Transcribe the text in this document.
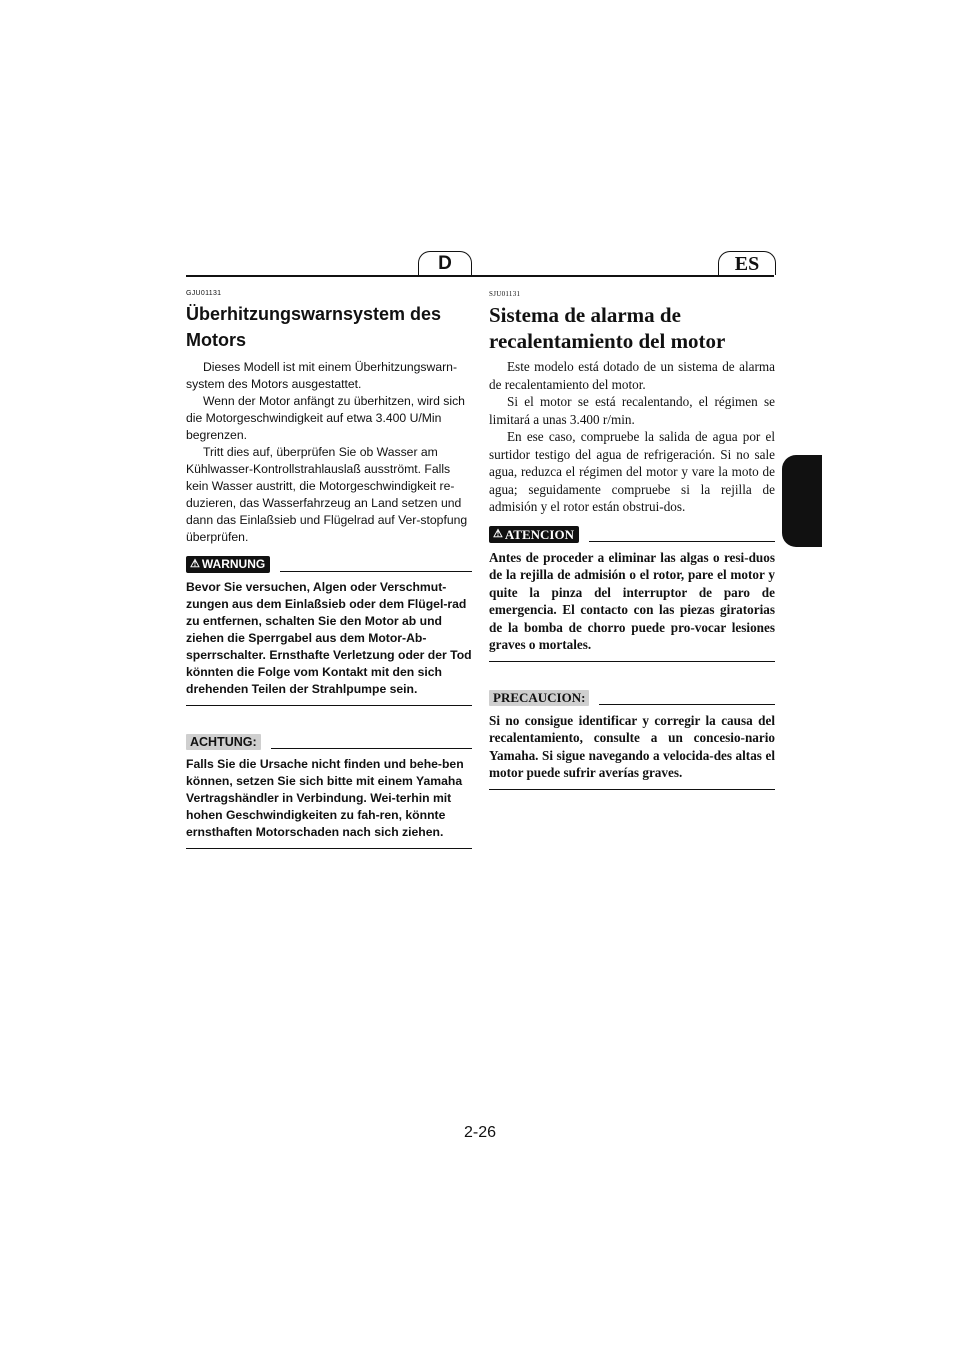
D	ES
GJU01131
Überhitzungswarnsystem des
Motors

Dieses Modell ist mit einem Überhitzungswarn-system des Motors ausgestattet.

Wenn der Motor anfängt zu überhitzen, wird sich die Motorgeschwindigkeit auf etwa 3.400 U/Min begrenzen.

Tritt dies auf, überprüfen Sie ob Wasser am Kühlwasser-Kontrollstrahlauslaß ausströmt. Falls kein Wasser austritt, die Motorgeschwindigkeit re-duzieren, das Wasserfahrzeug an Land setzen und dann das Einlaßsieb und Flügelrad auf Ver-stopfung überprüfen.

⚠ WARNUNG

Bevor Sie versuchen, Algen oder Verschmut-zungen aus dem Einlaßsieb oder dem Flügel-rad zu entfernen, schalten Sie den Motor ab und ziehen die Sperrgabel aus dem Motor-Ab-sperrschalter. Ernsthafte Verletzung oder der Tod könnten die Folge vom Kontakt mit den sich drehenden Teilen der Strahlpumpe sein.

ACHTUNG:

Falls Sie die Ursache nicht finden und behe-ben können, setzen Sie sich bitte mit einem Yamaha Vertragshändler in Verbindung. Wei-terhin mit hohen Geschwindigkeiten zu fah-ren, könnte ernsthaften Motorschaden nach sich ziehen.

SJU01131
Sistema de alarma de
recalentamiento del motor

Este modelo está dotado de un sistema de alarma de recalentamiento del motor.

Si el motor se está recalentando, el régimen se limitará a unas 3.400 r/min.

En ese caso, compruebe la salida de agua por el surtidor testigo del agua de refrigeración. Si no sale agua, reduzca el régimen del motor y vare la moto de agua; seguidamente compruebe si la rejilla de admisión y el rotor están obstrui-dos.

⚠ ATENCION

Antes de proceder a eliminar las algas o resi-duos de la rejilla de admisión o el rotor, pare el motor y quite la pinza del interruptor de paro de emergencia. El contacto con las piezas giratorias de la bomba de chorro puede pro-vocar lesiones graves o mortales.

PRECAUCION:

Si no consigue identificar y corregir la causa del recalentamiento, consulte a un concesio-nario Yamaha. Si sigue navegando a velocida-des altas el motor puede sufrir averías graves.

2-26
